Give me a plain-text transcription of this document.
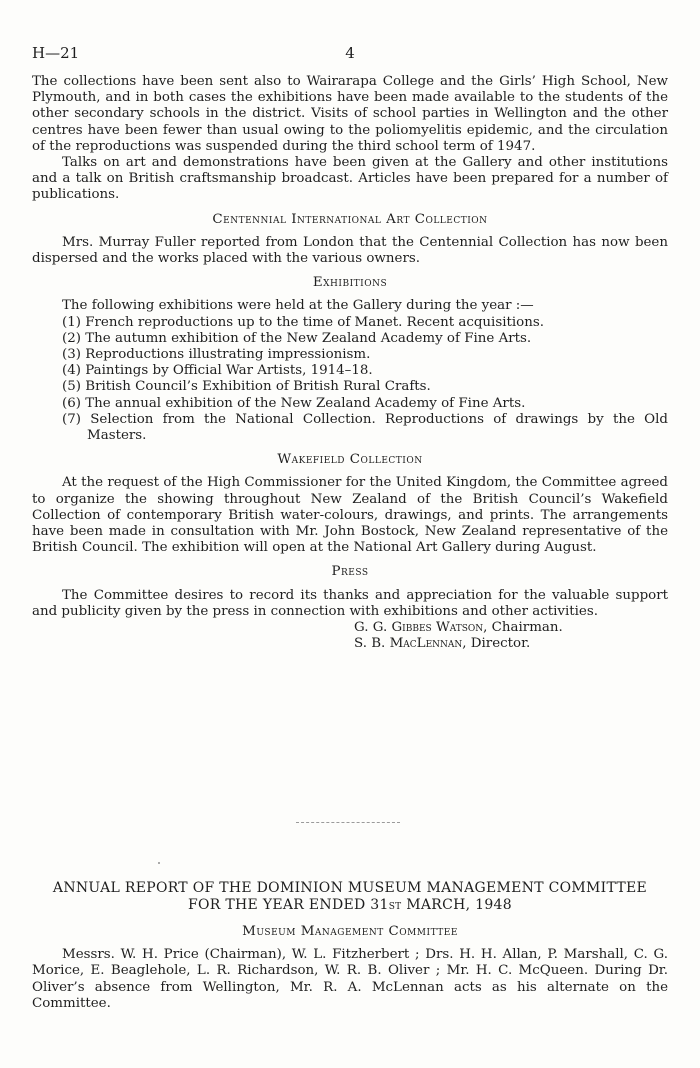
H—21	4

The collections have been sent also to Wairarapa College and the Girls’ High School, New Plymouth, and in both cases the exhibitions have been made available to the students of the other secondary schools in the district. Visits of school parties in Wellington and the other centres have been fewer than usual owing to the poliomyelitis epidemic, and the circulation of the reproductions was suspended during the third school term of 1947.

Talks on art and demonstrations have been given at the Gallery and other institutions and a talk on British craftsmanship broadcast. Articles have been prepared for a number of publications.

Centennial International Art Collection

Mrs. Murray Fuller reported from London that the Centennial Collection has now been dispersed and the works placed with the various owners.

Exhibitions

The following exhibitions were held at the Gallery during the year :—

(1) French reproductions up to the time of Manet. Recent acquisitions.
(2) The autumn exhibition of the New Zealand Academy of Fine Arts.
(3) Reproductions illustrating impressionism.
(4) Paintings by Official War Artists, 1914–18.
(5) British Council’s Exhibition of British Rural Crafts.
(6) The annual exhibition of the New Zealand Academy of Fine Arts.
(7) Selection from the National Collection. Reproductions of drawings by the Old Masters.
Wakefield Collection

At the request of the High Commissioner for the United Kingdom, the Committee agreed to organize the showing throughout New Zealand of the British Council’s Wakefield Collection of contemporary British water-colours, drawings, and prints. The arrangements have been made in consultation with Mr. John Bostock, New Zealand representative of the British Council. The exhibition will open at the National Art Gallery during August.

Press

The Committee desires to record its thanks and appreciation for the valuable support and publicity given by the press in connection with exhibitions and other activities.

G. G. Gibbes Watson, Chairman.
S. B. MacLennan, Director.
ANNUAL REPORT OF THE DOMINION MUSEUM MANAGEMENT COMMITTEE
FOR THE YEAR ENDED 31ST MARCH, 1948
Museum Management Committee

Messrs. W. H. Price (Chairman), W. L. Fitzherbert ; Drs. H. H. Allan, P. Marshall, C. G. Morice, E. Beaglehole, L. R. Richardson, W. R. B. Oliver ; Mr. H. C. McQueen. During Dr. Oliver’s absence from Wellington, Mr. R. A. McLennan acts as his alternate on the Committee.
